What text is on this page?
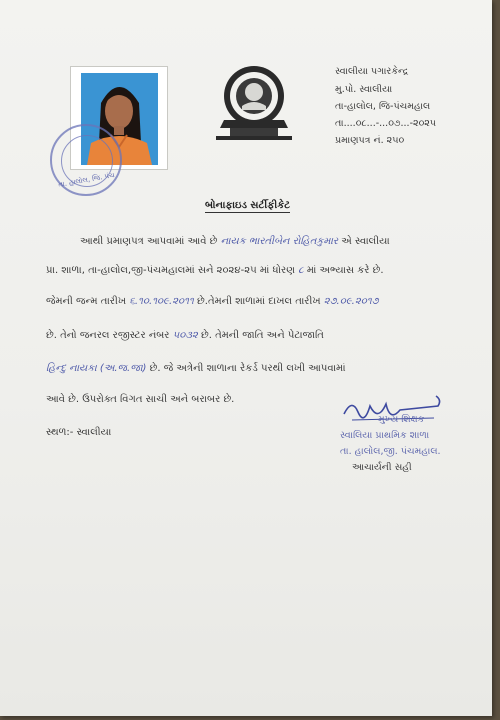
તા. હાલોલ, જિ. પંચ
સ્વાલીયા પગારકેન્દ્ર
મુ.પો. સ્વાલીયા
તા-હાલોલ, જિ-પંચમહાલ
તા....૦૮...-...૦૭...-૨૦૨૫
પ્રમાણપત્ર નં. ૨૫૦
બોનાફાઇડ સર્ટીફીકેટ
આથી પ્રમાણપત્ર આપવામાં આવે છે નાયક ભારતીબેન રોહિતકુમાર એ સ્વાલીયા
પ્રા. શાળા, તા-હાલોલ,જી-પંચમહાલમાં સને ૨૦૨૪-૨૫ માં ધોરણ ૮ માં અભ્યાસ કરે છે.
જેમની જન્મ તારીખ ૬.૧૦.૧૦૯.૨૦૧૧ છે.તેમની શાળામાં દાખલ તારીખ ૨૭.૦૯.૨૦૧૭
છે. તેનો જનરલ રજીસ્ટર નંબર ૫૦૩૨ છે. તેમની જાતિ અને પેટાજાતિ
હિન્દુ નાયકા (અ.જ.જા) છે. જે અત્રેની શાળાના રેકર્ડ પરથી લખી આપવામાં
આવે છે. ઉપરોક્ત વિગત સાચી અને બરાબર છે.
સ્થળ:- સ્વાલીયા
મુખ્ય શિક્ષક
સ્વાલિયા પ્રાથમિક શાળા
તા. હાલોલ,જી. પંચમહાલ.
આચાર્યની સહી
